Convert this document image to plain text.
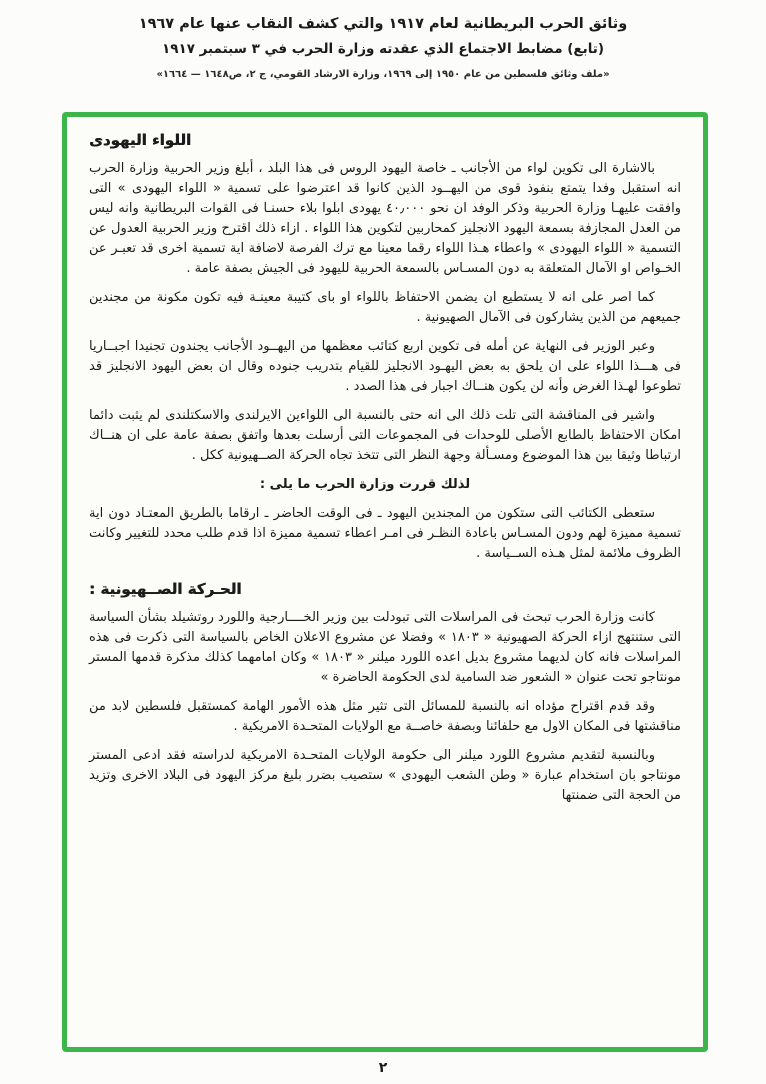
وثائق الحرب البريطانية لعام ١٩١٧ والتي كشف النقاب عنها عام ١٩٦٧
(تابع) مضابط الاجتماع الذي عقدته وزارة الحرب في ٣ سبتمبر ١٩١٧
«ملف وثائق فلسطين من عام ١٩٥٠ إلى ١٩٦٩، وزارة الارشاد القومي، ج ٢، ص١٦٤٨ — ١٦٦٤»
اللواء اليهودى

بالاشارة الى تكوين لواء من الأجانب ـ خاصة اليهود الروس فى هذا البلد ، أبلغ وزير الحربية وزارة الحرب انه استقبل وفدا يتمتع بنفوذ قوى من اليهــود الذين كانوا قد اعترضوا على تسمية « اللواء اليهودى » التى وافقت عليهـا وزارة الحربية وذكر الوفد ان نحو ٤٠٫٠٠٠ يهودى ابلوا بلاء حسنـا فى القوات البريطانية وانه ليس من العدل المجازفة بسمعة اليهود الانجليز كمحاربين لتكوين هذا اللواء . ازاء ذلك اقترح وزير الحربية العدول عن التسمية « اللواء اليهودى » واعطاء هـذا اللواء رقما معينا مع ترك الفرصة لاضافة اية تسمية اخرى قد تعبـر عن الخـواص او الآمال المتعلقة به دون المسـاس بالسمعة الحربية لليهود فى الجيش بصفة عامة .

كما اصر على انه لا يستطيع ان يضمن الاحتفاظ باللواء او باى كتيبة معينـة فيه تكون مكونة من مجندين جميعهم من الذين يشاركون فى الآمال الصهيونية .

وعبر الوزير فى النهاية عن أمله فى تكوين اربع كتائب معظمها من اليهــود الأجانب يجندون تجنيدا اجبــاريا فى هـــذا اللواء على ان يلحق به بعض اليهـود الانجليز للقيام بتدريب جنوده وقال ان بعض اليهود الانجليز قد تطوعوا لهـذا الغرض وأنه لن يكون هنــاك اجبار فى هذا الصدد .

واشير فى المناقشة التى تلت ذلك الى انه حتى بالنسبة الى اللواءين الايرلندى والاسكتلندى لم يثبت دائما امكان الاحتفاظ بالطابع الأصلى للوحدات فى المجموعات التى أرسلت بعدها واتفق بصفة عامة على ان هنــاك ارتباطا وثيقا بين هذا الموضوع ومسـألة وجهة النظر التى تتخذ تجاه الحركة الصــهيونية ككل .

لذلك قررت وزارة الحرب ما يلى :

ستعطى الكتائب التى ستكون من المجندين اليهود ـ فى الوقت الحاضر ـ ارقاما بالطريق المعتـاد دون اية تسمية مميزة لهم ودون المسـاس باعادة النظـر فى امـر اعطاء تسمية مميزة اذا قدم طلب محدد للتغيير وكانت الظروف ملائمة لمثل هـذه الســياسة .

الحـركة الصــهيونية :

كانت وزارة الحرب تبحث فى المراسلات التى تبودلت بين وزير الخــــارجية واللورد روتشيلد بشأن السياسة التى ستنتهج ازاء الحركة الصهيونية « ١٨٠٣ » وفضلا عن مشروع الاعلان الخاص بالسياسة التى ذكرت فى هذه المراسلات فانه كان لديهما مشروع بديل اعده اللورد ميلنر « ١٨٠٣ » وكان امامهما كذلك مذكرة قدمها المستر مونتاجو تحت عنوان « الشعور ضد السامية لدى الحكومة الحاضرة »

وقد قدم اقتراح مؤداه انه بالنسبة للمسائل التى تثير مثل هذه الأمور الهامة كمستقبل فلسطين لابد من مناقشتها فى المكان الاول مع حلفائنا وبصفة خاصــة مع الولايات المتحـدة الامريكية .

وبالنسبة لتقديم مشروع اللورد ميلنر الى حكومة الولايات المتحـدة الامريكية لدراسته فقد ادعى المستر مونتاجو بان استخدام عبارة « وطن الشعب اليهودى » ستصيب بضرر بليغ مركز اليهود فى البلاد الاخرى وتزيد من الحجة التى ضمنتها

٢
